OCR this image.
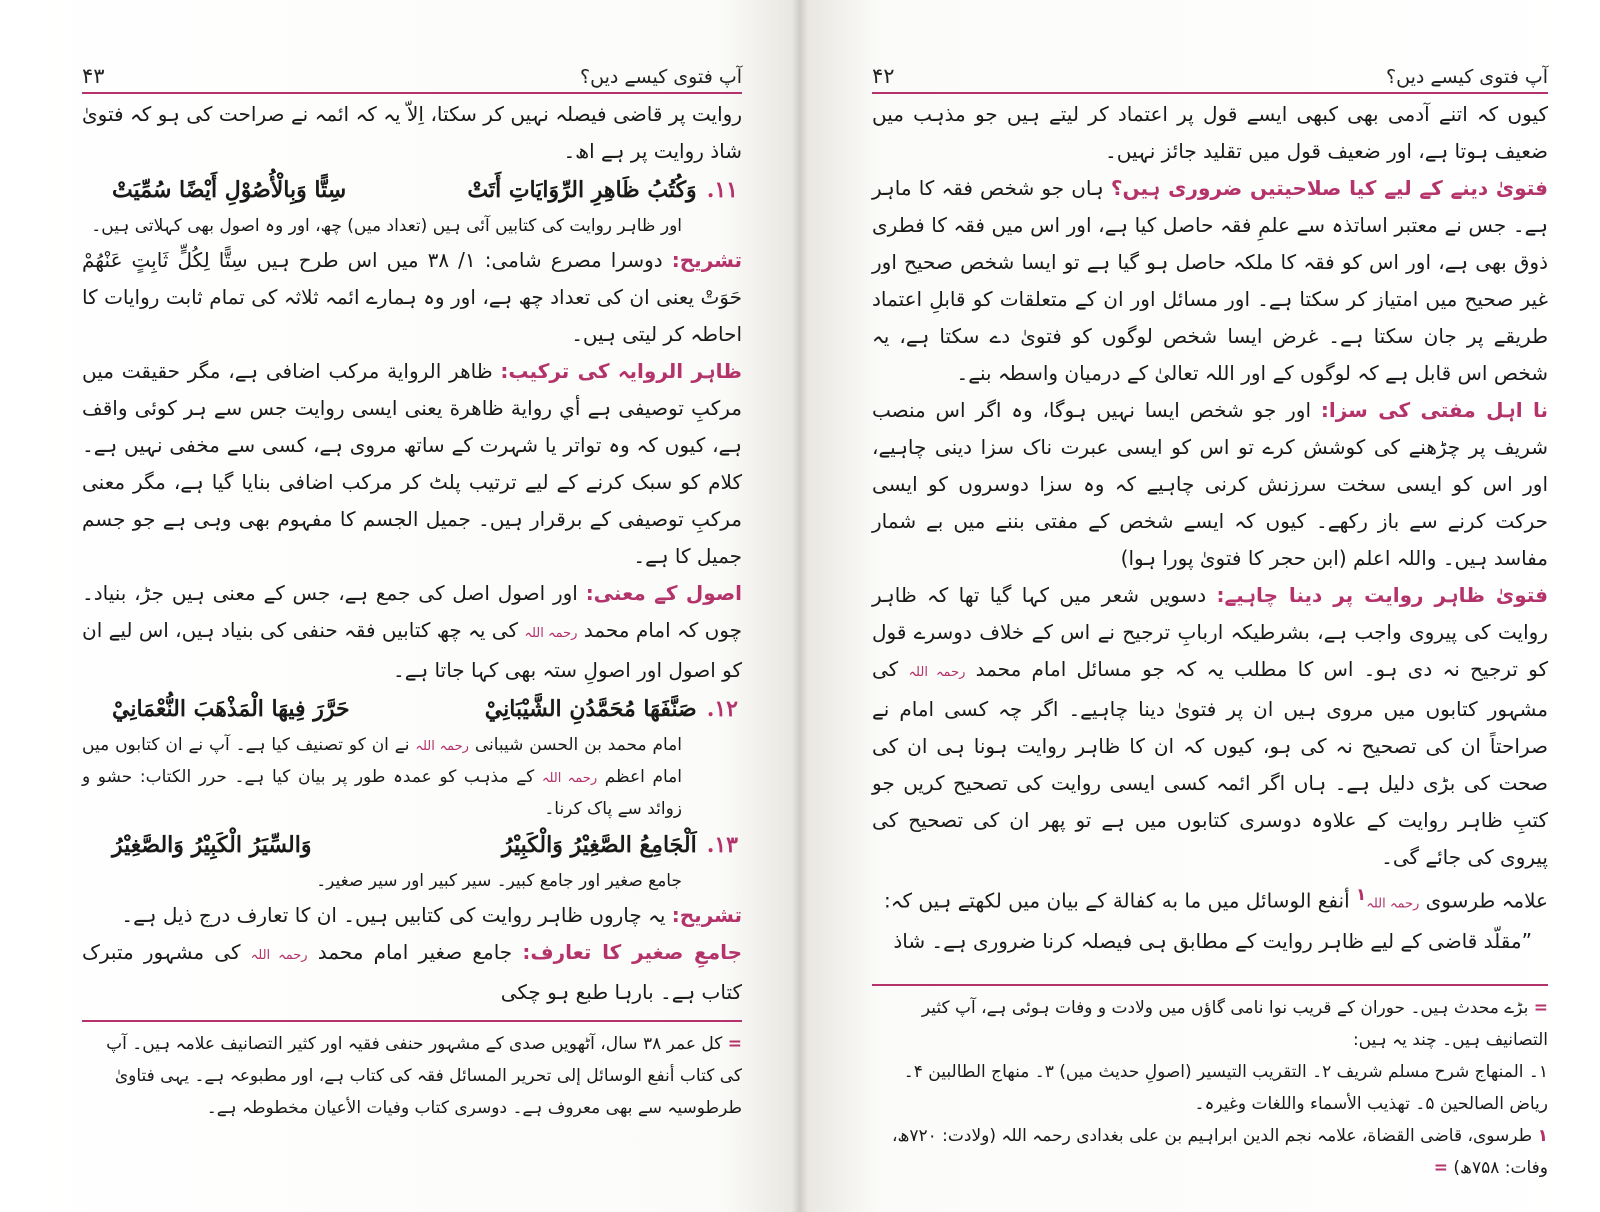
آپ فتوی کیسے دیں؟
۴۳

روایت پر قاضی فیصلہ نہیں کر سکتا، اِلاّ یہ کہ ائمہ نے صراحت کی ہو کہ فتویٰ شاذ روایت پر ہے اھ۔

١١.وَكُتُبُ ظَاهِرِ الرِّوَايَاتِ أَتَتْ
سِتًّا وَبِالْأُصُوْلِ أَيْضًا سُمِّيَتْ

اور ظاہر روایت کی کتابیں آئی ہیں (تعداد میں) چھ، اور وہ اصول بھی کہلاتی ہیں۔

تشریح: دوسرا مصرع شامی: ۱/ ۳۸ میں اس طرح ہیں سِتًّا لِكُلٍّ ثَابِتٍ عَنْهُمْ حَوَتْ یعنی ان کی تعداد چھ ہے، اور وہ ہمارے ائمہ ثلاثہ کی تمام ثابت روایات کا احاطہ کر لیتی ہیں۔

ظاہر الروایہ کی ترکیب: ظاهر الرواية مرکب اضافی ہے، مگر حقیقت میں مرکبِ توصیفی ہے أي رواية ظاهرة یعنی ایسی روایت جس سے ہر کوئی واقف ہے، کیوں کہ وہ تواتر یا شہرت کے ساتھ مروی ہے، کسی سے مخفی نہیں ہے۔ کلام کو سبک کرنے کے لیے ترتیب پلٹ کر مرکب اضافی بنایا گیا ہے، مگر معنی مرکبِ توصیفی کے برقرار ہیں۔ جميل الجسم کا مفہوم بھی وہی ہے جو جسم جميل کا ہے۔

اصول کے معنی: اور اصول اصل کی جمع ہے، جس کے معنی ہیں جڑ، بنیاد۔ چوں کہ امام محمد رحمہ اللہ کی یہ چھ کتابیں فقہ حنفی کی بنیاد ہیں، اس لیے ان کو اصول اور اصولِ ستہ بھی کہا جاتا ہے۔

١٢.صَنَّفَهَا مُحَمَّدُنِ الشَّيْبَانِيْ
حَرَّرَ فِيهَا الْمَذْهَبَ النُّعْمَانِيْ

امام محمد بن الحسن شیبانی رحمہ اللہ نے ان کو تصنیف کیا ہے۔ آپ نے ان کتابوں میں امام اعظم رحمہ اللہ کے مذہب کو عمدہ طور پر بیان کیا ہے۔ حرر الكتاب: حشو و زوائد سے پاک کرنا۔

١٣.اَلْجَامِعُ الصَّغِيْرُ وَالْكَبِيْرُ
وَالسِّيَرُ الْكَبِيْرُ وَالصَّغِيْرُ

جامع صغیر اور جامع کبیر۔ سیر کبیر اور سیر صغیر۔

تشریح: یہ چاروں ظاہر روایت کی کتابیں ہیں۔ ان کا تعارف درج ذیل ہے۔

جامعِ صغیر کا تعارف: جامع صغیر امام محمد رحمہ اللہ کی مشہور متبرک کتاب ہے۔ بارہا طبع ہو چکی

= کل عمر ۳۸ سال، آٹھویں صدی کے مشہور حنفی فقیہ اور کثیر التصانیف علامہ ہیں۔ آپ کی کتاب أنفع الوسائل إلى تحرير المسائل فقہ کی کتاب ہے، اور مطبوعہ ہے۔ یہی فتاویٰ طرطوسیہ سے بھی معروف ہے۔ دوسری کتاب وفيات الأعيان مخطوطہ ہے۔

آپ فتوی کیسے دیں؟
۴۲

کیوں کہ اتنے آدمی بھی کبھی ایسے قول پر اعتماد کر لیتے ہیں جو مذہب میں ضعیف ہوتا ہے، اور ضعیف قول میں تقلید جائز نہیں۔

فتویٰ دینے کے لیے کیا صلاحیتیں ضروری ہیں؟ ہاں جو شخص فقہ کا ماہر ہے۔ جس نے معتبر اساتذہ سے علمِ فقہ حاصل کیا ہے، اور اس میں فقہ کا فطری ذوق بھی ہے، اور اس کو فقہ کا ملکہ حاصل ہو گیا ہے تو ایسا شخص صحیح اور غیر صحیح میں امتیاز کر سکتا ہے۔ اور مسائل اور ان کے متعلقات کو قابلِ اعتماد طریقے پر جان سکتا ہے۔ غرض ایسا شخص لوگوں کو فتویٰ دے سکتا ہے، یہ شخص اس قابل ہے کہ لوگوں کے اور اللہ تعالیٰ کے درمیان واسطہ بنے۔

نا اہل مفتی کی سزا: اور جو شخص ایسا نہیں ہوگا، وہ اگر اس منصب شریف پر چڑھنے کی کوشش کرے تو اس کو ایسی عبرت ناک سزا دینی چاہیے، اور اس کو ایسی سخت سرزنش کرنی چاہیے کہ وہ سزا دوسروں کو ایسی حرکت کرنے سے باز رکھے۔ کیوں کہ ایسے شخص کے مفتی بننے میں بے شمار مفاسد ہیں۔ واللہ اعلم (ابن حجر کا فتویٰ پورا ہوا)

فتویٰ ظاہر روایت پر دینا چاہیے: دسویں شعر میں کہا گیا تھا کہ ظاہر روایت کی پیروی واجب ہے، بشرطیکہ اربابِ ترجیح نے اس کے خلاف دوسرے قول کو ترجیح نہ دی ہو۔ اس کا مطلب یہ کہ جو مسائل امام محمد رحمہ اللہ کی مشہور کتابوں میں مروی ہیں ان پر فتویٰ دینا چاہیے۔ اگر چہ کسی امام نے صراحتاً ان کی تصحیح نہ کی ہو، کیوں کہ ان کا ظاہر روایت ہونا ہی ان کی صحت کی بڑی دلیل ہے۔ ہاں اگر ائمہ کسی ایسی روایت کی تصحیح کریں جو کتبِ ظاہر روایت کے علاوہ دوسری کتابوں میں ہے تو پھر ان کی تصحیح کی پیروی کی جائے گی۔

علامہ طرسوی رحمہ اللہ$^۱$ أنفع الوسائل میں ما به كفالة کے بیان میں لکھتے ہیں کہ:

”مقلّد قاضی کے لیے ظاہر روایت کے مطابق ہی فیصلہ کرنا ضروری ہے۔ شاذ

= بڑے محدث ہیں۔ حوران کے قریب نوا نامی گاؤں میں ولادت و وفات ہوئی ہے، آپ کثیر التصانیف ہیں۔ چند یہ ہیں:

۱۔ المنهاج شرح مسلم شریف ۲۔ التقريب التيسير (اصولِ حدیث میں) ۳۔ منهاج الطالبين ۴۔ رياض الصالحين ۵۔ تهذيب الأسماء واللغات وغیرہ۔

۱ طرسوی، قاضی القضاة، علامہ نجم الدین ابراہیم بن علی بغدادی رحمہ اللہ (ولادت: ۷۲۰ھ، وفات: ۷۵۸ھ) =
